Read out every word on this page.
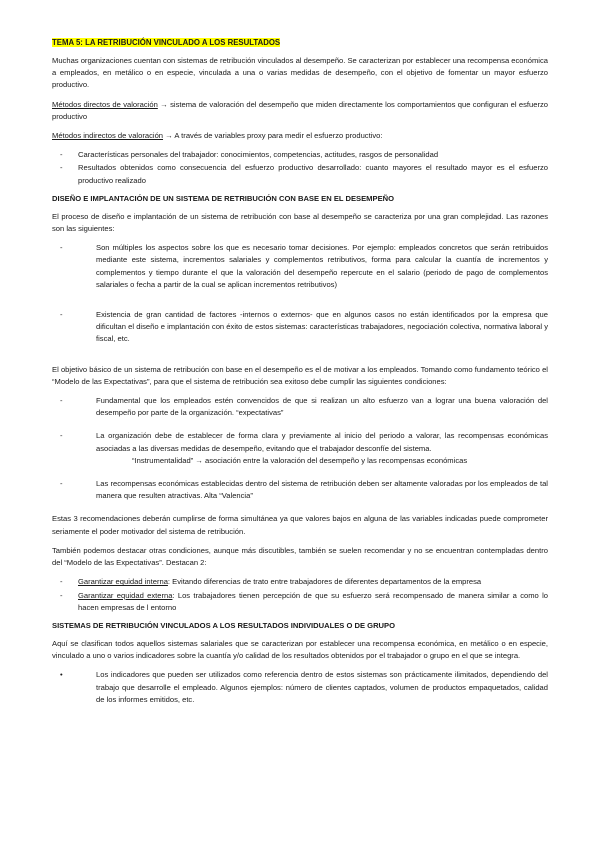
TEMA 5: LA RETRIBUCIÓN VINCULADO A LOS RESULTADOS

Muchas organizaciones cuentan con sistemas de retribución vinculados al desempeño. Se caracterizan por establecer una recompensa económica a empleados, en metálico o en especie, vinculada a una o varias medidas de desempeño, con el objetivo de fomentar un mayor esfuerzo productivo.

Métodos directos de valoración → sistema de valoración del desempeño que miden directamente los comportamientos que configuran el esfuerzo productivo

Métodos indirectos de valoración → A través de variables proxy para medir el esfuerzo productivo:

- Características personales del trabajador: conocimientos, competencias, actitudes, rasgos de personalidad
- Resultados obtenidos como consecuencia del esfuerzo productivo desarrollado: cuanto mayores el resultado mayor es el esfuerzo productivo realizado

DISEÑO E IMPLANTACIÓN DE UN SISTEMA DE RETRIBUCIÓN CON BASE EN EL DESEMPEÑO

El proceso de diseño e implantación de un sistema de retribución con base al desempeño se caracteriza por una gran complejidad. Las razones son las siguientes:

-	Son múltiples los aspectos sobre los que es necesario tomar decisiones. Por ejemplo: empleados concretos que serán retribuidos mediante este sistema, incrementos salariales y complementos retributivos, forma para calcular la cuantía de incrementos y complementos y tiempo durante el que la valoración del desempeño repercute en el salario (periodo de pago de complementos salariales o fecha a partir de la cual se aplican incrementos retributivos)
-	Existencia de gran cantidad de factores -internos o externos- que en algunos casos no están identificados por la empresa que dificultan el diseño e implantación con éxito de estos sistemas: características trabajadores, negociación colectiva, normativa laboral y fiscal, etc.

El objetivo básico de un sistema de retribución con base en el desempeño es el de motivar a los empleados. Tomando como fundamento teórico el “Modelo de las Expectativas”, para que el sistema de retribución sea exitoso debe cumplir las siguientes condiciones:

-	Fundamental que los empleados estén convencidos de que si realizan un alto esfuerzo van a lograr una buena valoración del desempeño por parte de la organización. “expectativas”
-	La organización debe de establecer de forma clara y previamente al inicio del periodo a valorar, las recompensas económicas asociadas a las diversas medidas de desempeño, evitando que el trabajador desconfíe del sistema.
“Instrumentalidad” → asociación entre la valoración del desempeño y las recompensas económicas
-	Las recompensas económicas establecidas dentro del sistema de retribución deben ser altamente valoradas por los empleados de tal manera que resulten atractivas. Alta “Valencia”

Estas 3 recomendaciones deberán cumplirse de forma simultánea ya que valores bajos en alguna de las variables indicadas puede comprometer seriamente el poder motivador del sistema de retribución.

También podemos destacar otras condiciones, aunque más discutibles, también se suelen recomendar y no se encuentran contempladas dentro del “Modelo de las Expectativas”. Destacan 2:

- Garantizar equidad interna: Evitando diferencias de trato entre trabajadores de diferentes departamentos de la empresa
- Garantizar equidad externa: Los trabajadores tienen percepción de que su esfuerzo será recompensado de manera similar a como lo hacen empresas de l entorno

SISTEMAS DE RETRIBUCIÓN VINCULADOS A LOS RESULTADOS INDIVIDUALES O DE GRUPO

Aquí se clasifican todos aquellos sistemas salariales que se caracterizan por establecer una recompensa económica, en metálico o en especie, vinculado a uno o varios indicadores sobre la cuantía y/o calidad de los resultados obtenidos por el trabajador o grupo en el que se integra.

•	Los indicadores que pueden ser utilizados como referencia dentro de estos sistemas son prácticamente ilimitados, dependiendo del trabajo que desarrolle el empleado. Algunos ejemplos: número de clientes captados, volumen de productos empaquetados, calidad de los informes emitidos, etc.
